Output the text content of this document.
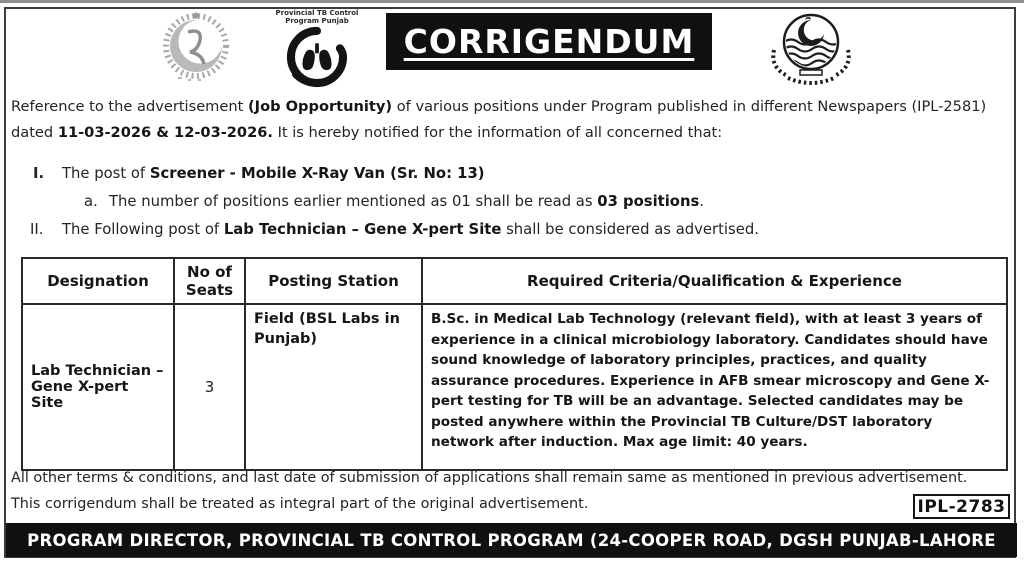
Provincial TB Control
Program Punjab
CORRIGENDUM
Reference to the advertisement (Job Opportunity) of various positions under Program published in different Newspapers (IPL-2581) dated 11-03-2026 & 12-03-2026. It is hereby notified for the information of all concerned that:
I. The post of Screener - Mobile X-Ray Van (Sr. No: 13)
a. The number of positions earlier mentioned as 01 shall be read as 03 positions.
II. The Following post of Lab Technician – Gene X-pert Site shall be considered as advertised.
Designation	No of Seats	Posting Station	Required Criteria/Qualification & Experience
Lab Technician – Gene X-pert Site	3	Field (BSL Labs in Punjab)	B.Sc. in Medical Lab Technology (relevant field), with at least 3 years of experience in a clinical microbiology laboratory. Candidates should have sound knowledge of laboratory principles, practices, and quality assurance procedures. Experience in AFB smear microscopy and Gene X-pert testing for TB will be an advantage. Selected candidates may be posted anywhere within the Provincial TB Culture/DST laboratory network after induction. Max age limit: 40 years.
All other terms & conditions, and last date of submission of applications shall remain same as mentioned in previous advertisement.
This corrigendum shall be treated as integral part of the original advertisement.	IPL-2783
PROGRAM DIRECTOR, PROVINCIAL TB CONTROL PROGRAM (24-COOPER ROAD, DGSH PUNJAB-LAHORE
